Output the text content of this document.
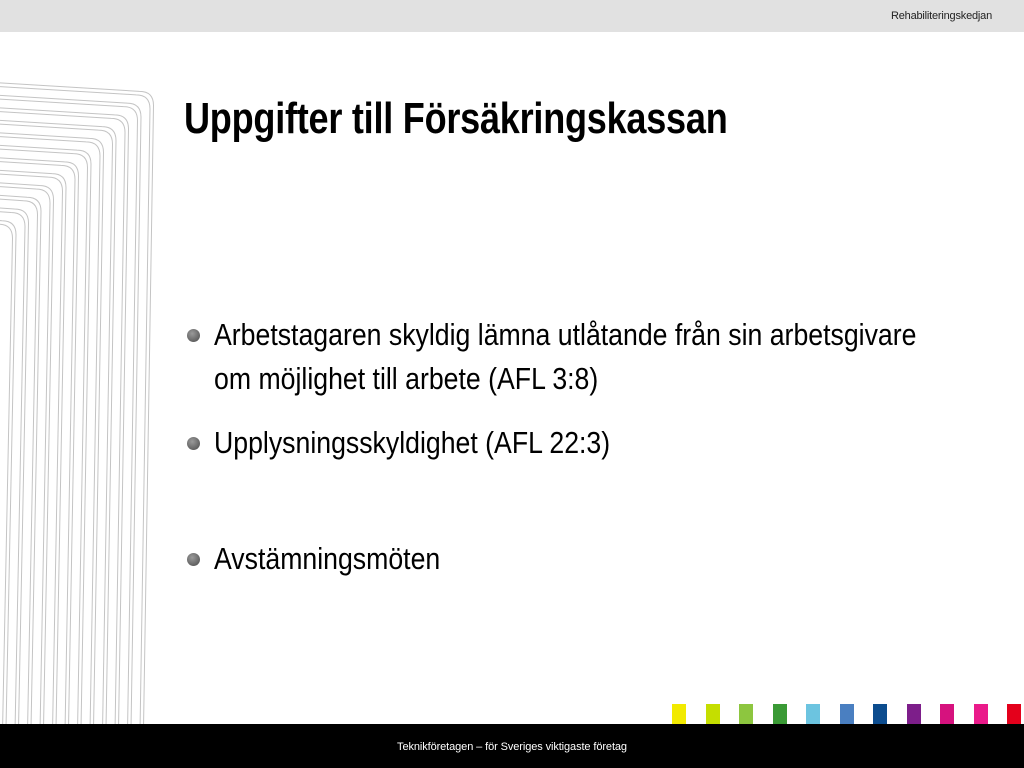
Rehabiliteringskedjan
Uppgifter till Försäkringskassan
Arbetstagaren skyldig lämna utlåtande från sin arbetsgivare om möjlighet till arbete (AFL 3:8)
Upplysningsskyldighet (AFL 22:3)
Avstämningsmöten
Teknikföretagen – för Sveriges viktigaste företag
